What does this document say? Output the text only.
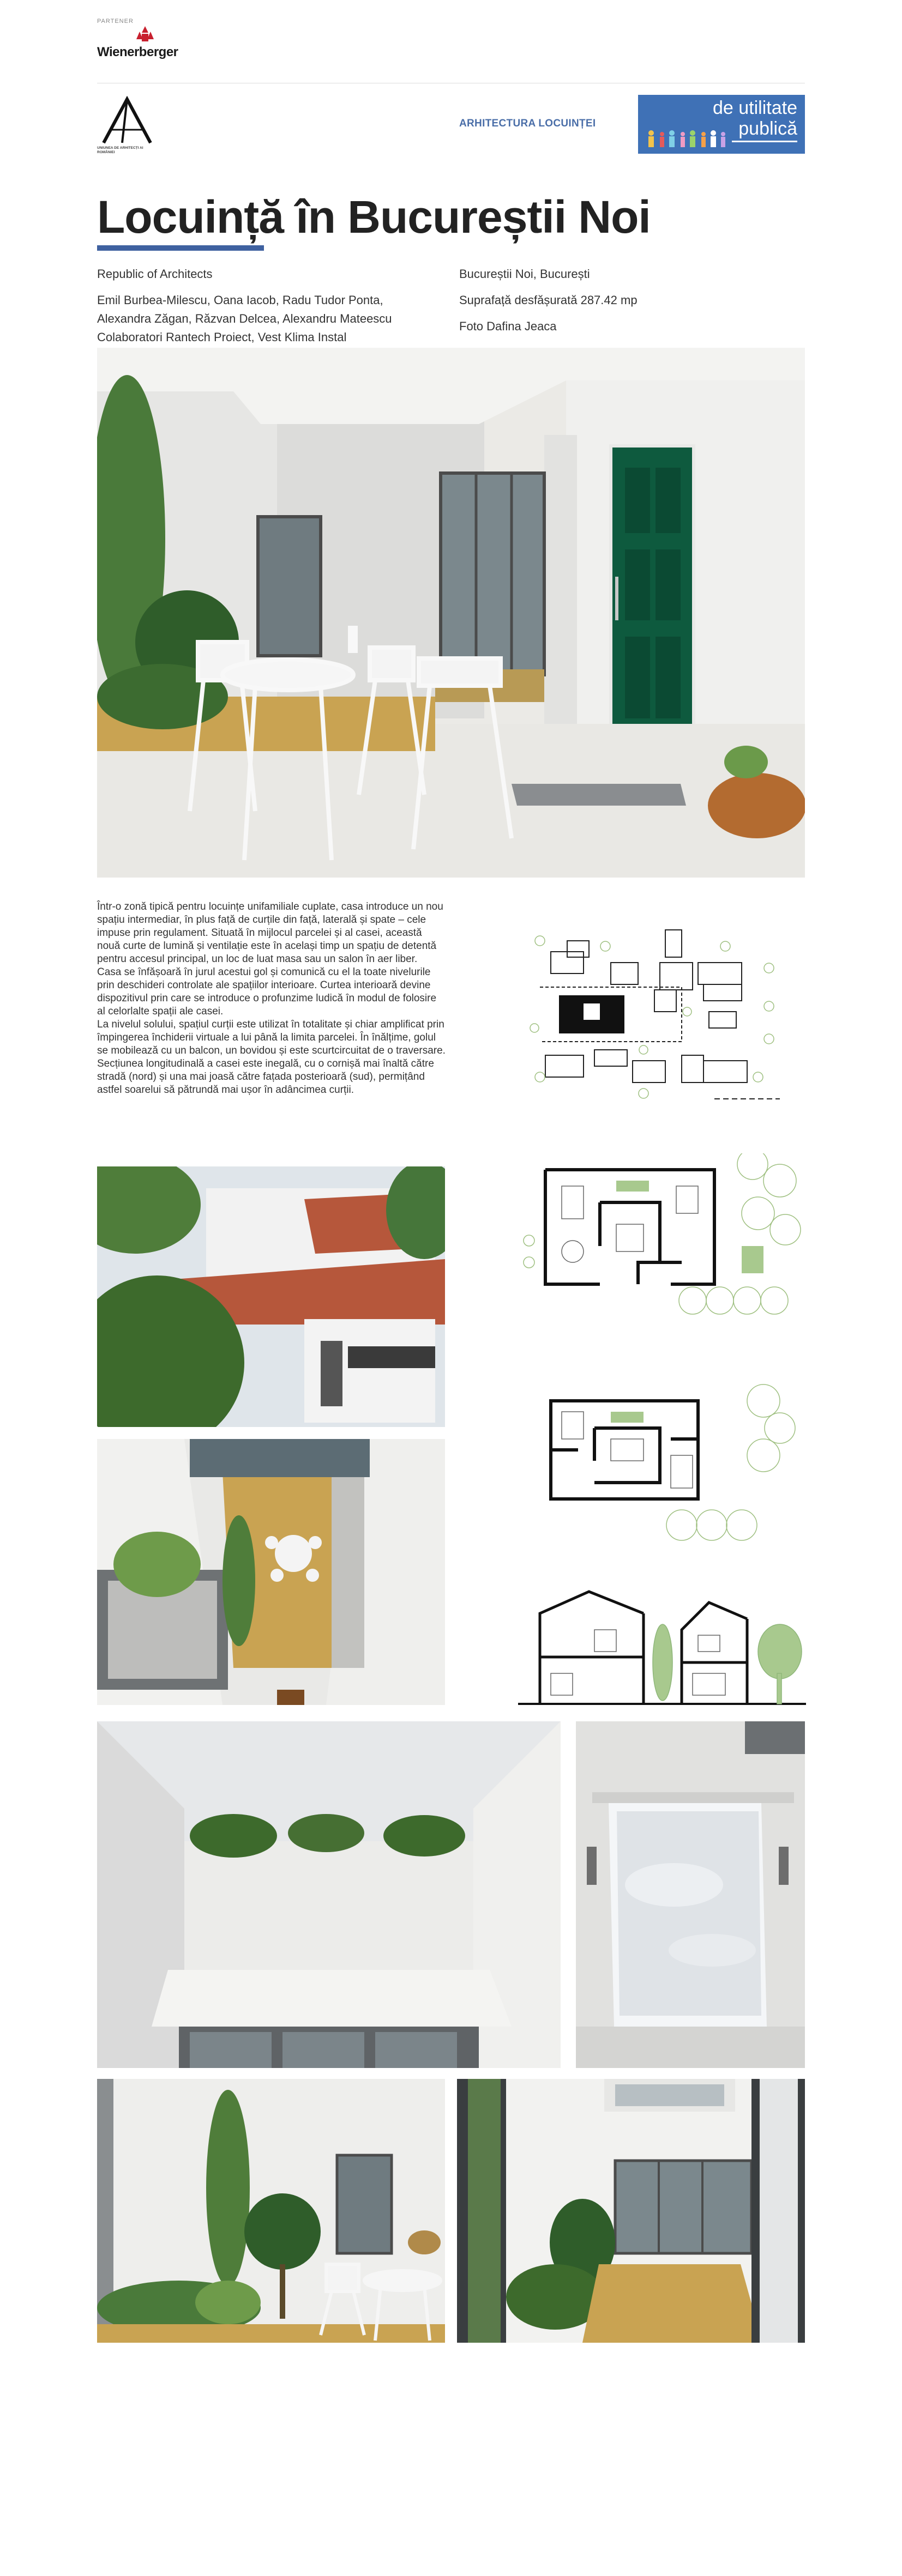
PARTENER
Wienerberger
UNIUNEA DE ARHITECȚI AI ROMÂNIEI
ARHITECTURA LOCUINȚEI
de utilitate
publică
Locuință în Bucureștii Noi
Republic of Architects
Emil Burbea-Milescu, Oana Iacob, Radu Tudor Ponta,
Alexandra Zăgan, Răzvan Delcea, Alexandru Mateescu
Colaboratori Rantech Proiect, Vest Klima Instal
Bucureștii Noi, București
Suprafață desfășurată 287.42 mp
Foto Dafina Jeaca

Într-o zonă tipică pentru locuințe unifamiliale cuplate, casa introduce un nou spațiu intermediar, în plus față de curțile din față, laterală și spate – cele impuse prin regulament. Situată în mijlocul parcelei și al casei, această nouă curte de lumină și ventilație este în același timp un spațiu de detentă pentru accesul principal, un loc de luat masa sau un salon în aer liber.

Casa se înfășoară în jurul acestui gol și comunică cu el la toate nivelurile prin deschideri controlate ale spațiilor interioare. Curtea interioară devine dispozitivul prin care se introduce o profunzime ludică în modul de folosire al celorlalte spații ale casei.

La nivelul solului, spațiul curții este utilizat în totalitate și chiar amplificat prin împingerea închiderii virtuale a lui până la limita parcelei. În înălțime, golul se mobilează cu un balcon, un bovidou și este scurtcircuitat de o traversare. Secțiunea longitudinală a casei este inegală, cu o cornișă mai înaltă către stradă (nord) și una mai joasă către fațada posterioară (sud), permițând astfel soarelui să pătrundă mai ușor în adâncimea curții.
